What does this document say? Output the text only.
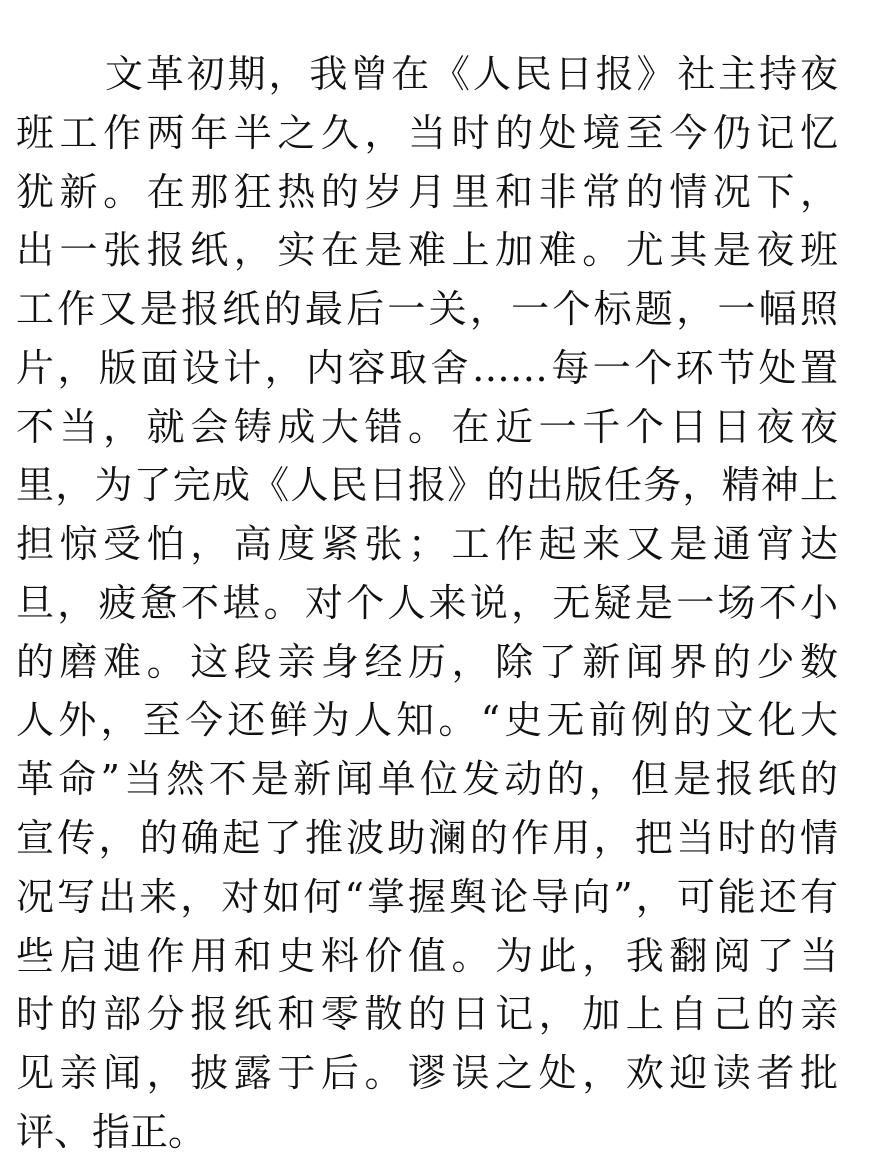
文革初期，我曾在《人民日报》社主持夜
班工作两年半之久，当时的处境至今仍记忆
犹新。在那狂热的岁月里和非常的情况下，
出一张报纸，实在是难上加难。尤其是夜班
工作又是报纸的最后一关，一个标题，一幅照
片，版面设计，内容取舍……每一个环节处置
不当，就会铸成大错。在近一千个日日夜夜
里，为了完成《人民日报》的出版任务，精神上
担惊受怕，高度紧张；工作起来又是通宵达
旦，疲惫不堪。对个人来说，无疑是一场不小
的磨难。这段亲身经历，除了新闻界的少数
人外，至今还鲜为人知。“史无前例的文化大
革命”当然不是新闻单位发动的，但是报纸的
宣传，的确起了推波助澜的作用，把当时的情
况写出来，对如何“掌握舆论导向”，可能还有
些启迪作用和史料价值。为此，我翻阅了当
时的部分报纸和零散的日记，加上自己的亲
见亲闻，披露于后。谬误之处，欢迎读者批
评、指正。
